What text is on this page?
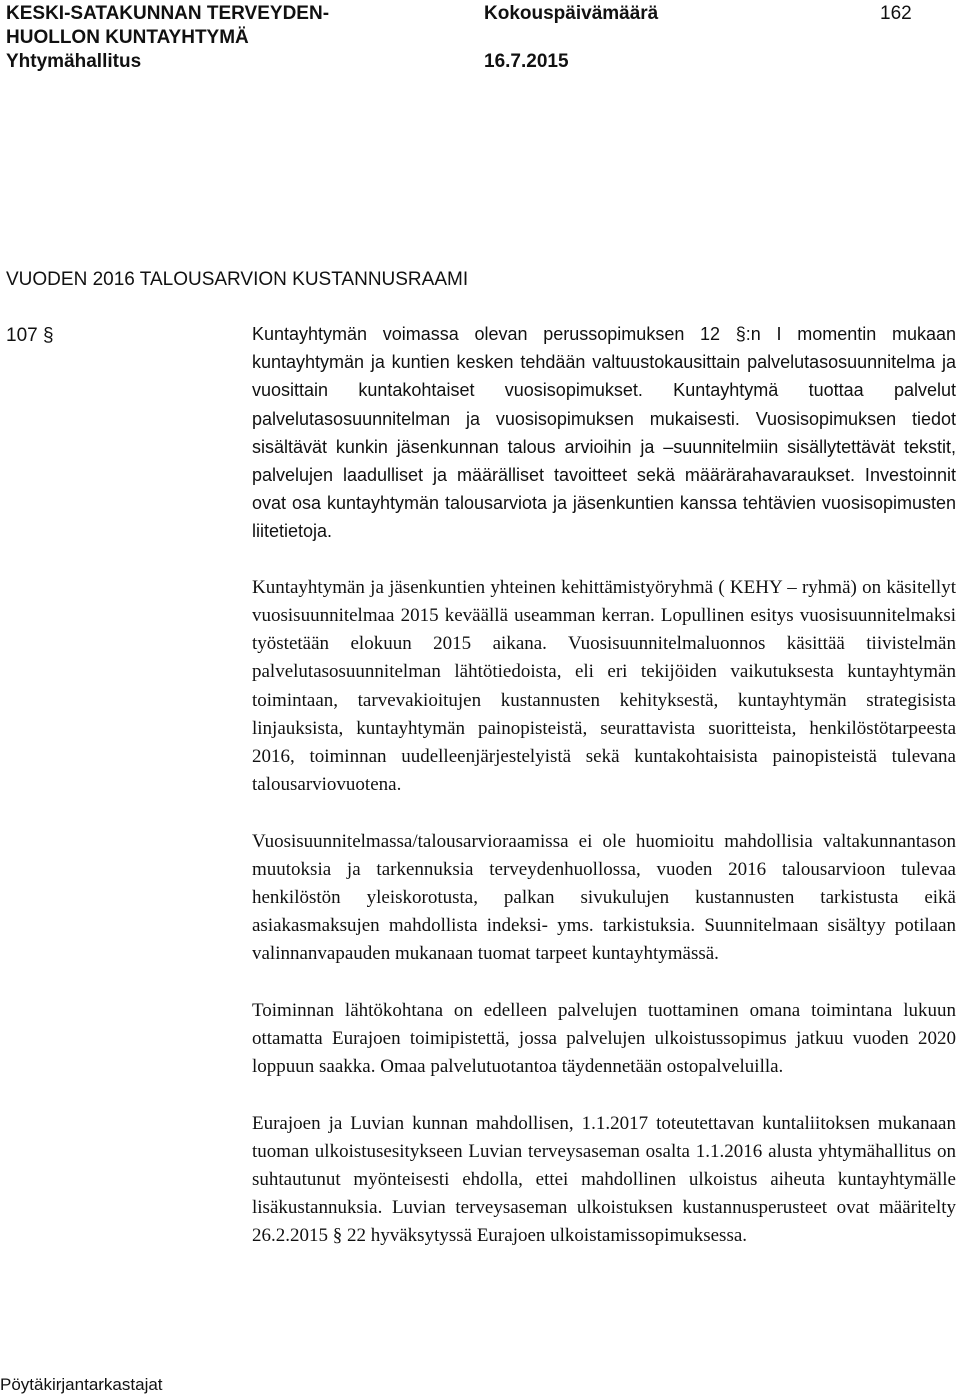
KESKI-SATAKUNNAN TERVEYDEN-
HUOLLON KUNTAYHTYMÄ
Yhtymähallitus
Kokouspäivämäärä
16.7.2015
162
VUODEN 2016 TALOUSARVION KUSTANNUSRAAMI
107 §	Kuntayhtymän voimassa olevan perussopimuksen 12 §:n I momentin mukaan kuntayhtymän ja kuntien kesken tehdään valtuustokausittain palvelutasosuunnitelma ja vuosittain kuntakohtaiset vuosisopimukset. Kuntayhtymä tuottaa palvelut palvelutasosuunnitelman ja vuosisopimuksen mukaisesti. Vuosisopimuksen tiedot sisältävät kunkin jäsenkunnan talous arvioihin ja –suunnitelmiin sisällytettävät tekstit, palvelujen laadulliset ja määrälliset tavoitteet sekä määrärahavaraukset. Investoinnit ovat osa kuntayhtymän talousarviota ja jäsenkuntien kanssa tehtävien vuosisopimusten liitetietoja.

Kuntayhtymän ja jäsenkuntien yhteinen kehittämistyöryhmä ( KEHY – ryhmä) on käsitellyt vuosisuunnitelmaa 2015 keväällä useamman kerran. Lopullinen esitys vuosisuunnitelmaksi työstetään elokuun 2015 aikana. Vuosisuunnitelmaluonnos käsittää tiivistelmän palvelutasosuunnitelman lähtötiedoista, eli eri tekijöiden vaikutuksesta kuntayhtymän toimintaan, tarvevakioitujen kustannusten kehityksestä, kuntayhtymän strategisista linjauksista, kuntayhtymän painopisteistä, seurattavista suoritteista, henkilöstötarpeesta 2016, toiminnan uudelleenjärjestelyistä sekä kuntakohtaisista painopisteistä tulevana talousarviovuotena.

Vuosisuunnitelmassa/talousarvioraamissa ei ole huomioitu mahdollisia valtakunnantason muutoksia ja tarkennuksia terveydenhuollossa, vuoden 2016 talousarvioon tulevaa henkilöstön yleiskorotusta, palkan sivukulujen kustannusten tarkistusta eikä asiakasmaksujen mahdollista indeksi- yms. tarkistuksia. Suunnitelmaan sisältyy potilaan valinnanvapauden mukanaan tuomat tarpeet kuntayhtymässä.

Toiminnan lähtökohtana on edelleen palvelujen tuottaminen omana toimintana lukuun ottamatta Eurajoen toimipistettä, jossa palvelujen ulkoistussopimus jatkuu vuoden 2020 loppuun saakka. Omaa palvelutuotantoa täydennetään ostopalveluilla.

Eurajoen ja Luvian kunnan mahdollisen, 1.1.2017 toteutettavan kuntaliitoksen mukanaan tuoman ulkoistusesitykseen Luvian terveysaseman osalta 1.1.2016 alusta yhtymähallitus on suhtautunut myönteisesti ehdolla, ettei mahdollinen ulkoistus aiheuta kuntayhtymälle lisäkustannuksia. Luvian terveysaseman ulkoistuksen kustannusperusteet ovat määritelty 26.2.2015 § 22 hyväksytyssä Eurajoen ulkoistamissopimuksessa.

Pöytäkirjantarkastajat
